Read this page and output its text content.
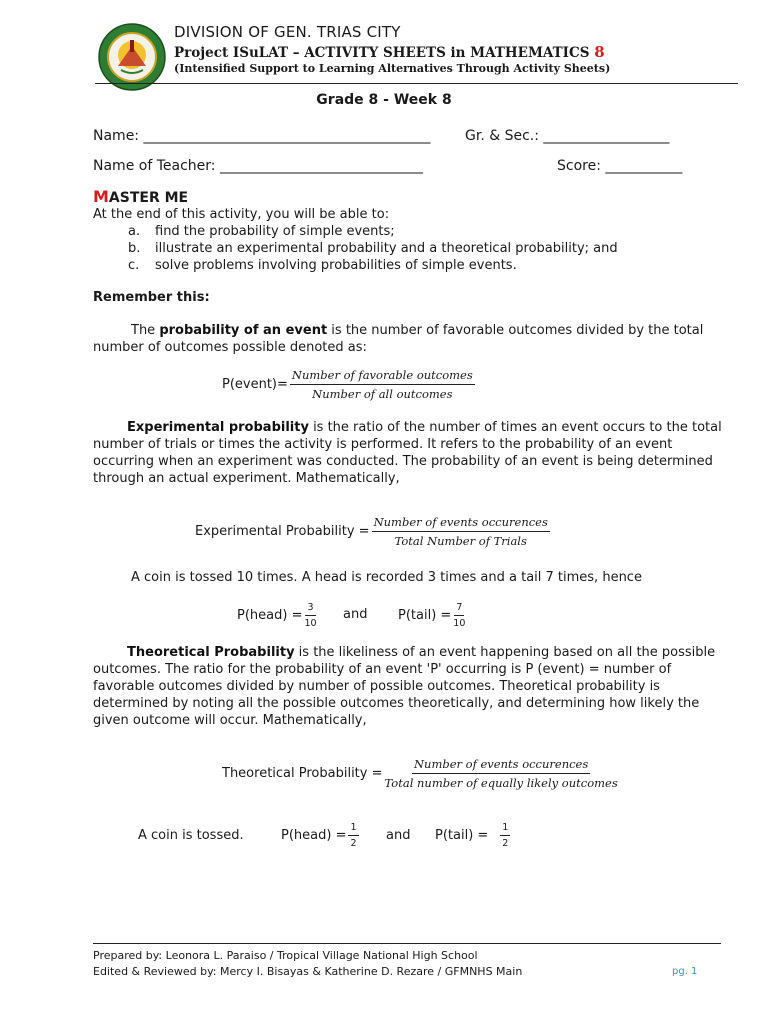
DIVISION OF GEN. TRIAS CITY
Project ISuLAT – ACTIVITY SHEETS in MATHEMATICS 8
(Intensified Support to Learning Alternatives Through Activity Sheets)
Grade 8 - Week 8
Name: _________________________________________ Gr. & Sec.: __________________
Name of Teacher: _____________________________	Score: ___________
MASTER ME
At the end of this activity, you will be able to:
a.	find the probability of simple events;
b.	illustrate an experimental probability and a theoretical probability; and
c.	solve problems involving probabilities of simple events.
Remember this:
The probability of an event is the number of favorable outcomes divided by the total number of outcomes possible denoted as:
P(event)= $\frac{\text{Number of favorable outcomes}}{\text{Number of all outcomes}}$
Experimental probability is the ratio of the number of times an event occurs to the total number of trials or times the activity is performed. It refers to the probability of an event occurring when an experiment was conducted. The probability of an event is being determined through an actual experiment. Mathematically,
Experimental Probability = $\frac{\text{Number of events occurences}}{\text{Total Number of Trials}}$
A coin is tossed 10 times. A head is recorded 3 times and a tail 7 times, hence
P(head) = $\frac{3}{10}$ and P(tail) = $\frac{7}{10}$
Theoretical Probability is the likeliness of an event happening based on all the possible outcomes. The ratio for the probability of an event 'P' occurring is P (event) = number of favorable outcomes divided by number of possible outcomes. Theoretical probability is determined by noting all the possible outcomes theoretically, and determining how likely the given outcome will occur. Mathematically,
Theoretical Probability = $\frac{\text{Number of events occurences}}{\text{Total number of equally likely outcomes}}$
A coin is tossed.	P(head) = $\frac{1}{2}$ and P(tail) = $\frac{1}{2}$
Prepared by: Leonora L. Paraiso / Tropical Village National High School
Edited & Reviewed by: Mercy I. Bisayas & Katherine D. Rezare / GFMNHS Main	pg. 1
